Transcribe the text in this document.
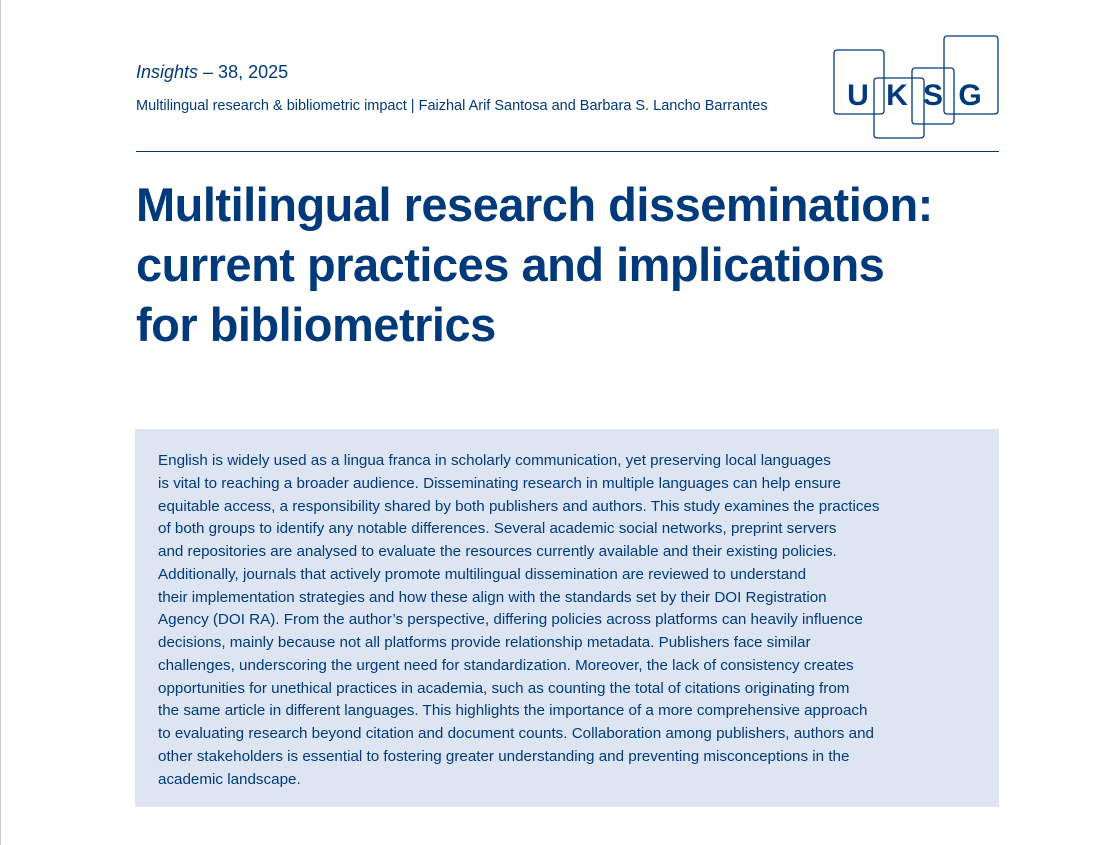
Insights – 38, 2025
Multilingual research & bibliometric impact | Faizhal Arif Santosa and Barbara S. Lancho Barrantes	U K S G
Multilingual research dissemination:
current practices and implications
for bibliometrics
English is widely used as a lingua franca in scholarly communication, yet preserving local languages
is vital to reaching a broader audience. Disseminating research in multiple languages can help ensure
equitable access, a responsibility shared by both publishers and authors. This study examines the practices
of both groups to identify any notable differences. Several academic social networks, preprint servers
and repositories are analysed to evaluate the resources currently available and their existing policies.
Additionally, journals that actively promote multilingual dissemination are reviewed to understand
their implementation strategies and how these align with the standards set by their DOI Registration
Agency (DOI RA). From the author’s perspective, differing policies across platforms can heavily influence
decisions, mainly because not all platforms provide relationship metadata. Publishers face similar
challenges, underscoring the urgent need for standardization. Moreover, the lack of consistency creates
opportunities for unethical practices in academia, such as counting the total of citations originating from
the same article in different languages. This highlights the importance of a more comprehensive approach
to evaluating research beyond citation and document counts. Collaboration among publishers, authors and
other stakeholders is essential to fostering greater understanding and preventing misconceptions in the
academic landscape.
